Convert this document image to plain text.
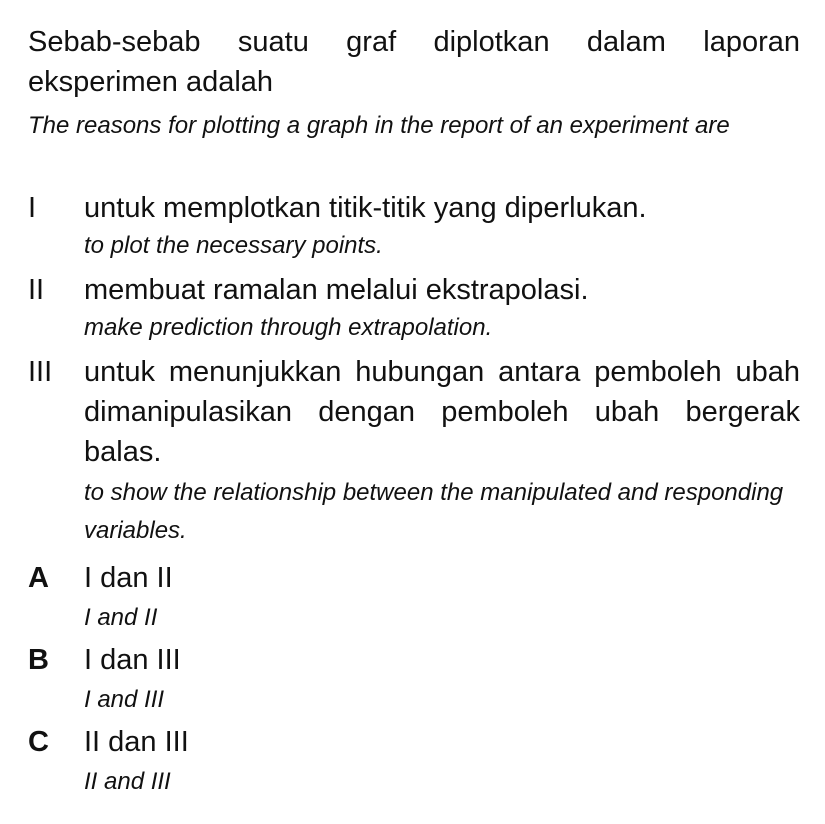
Sebab-sebab suatu graf diplotkan dalam laporan eksperimen adalah
The reasons for plotting a graph in the report of an experiment are
I	untuk memplotkan titik-titik yang diperlukan.
to plot the necessary points.
II	membuat ramalan melalui ekstrapolasi.
make prediction through extrapolation.
III	untuk menunjukkan hubungan antara pemboleh ubah dimanipulasikan dengan pemboleh ubah bergerak balas.
to show the relationship between the manipulated and responding variables.
A	I dan II
I and II
B	I dan III
I and III
C	II dan III
II and III
